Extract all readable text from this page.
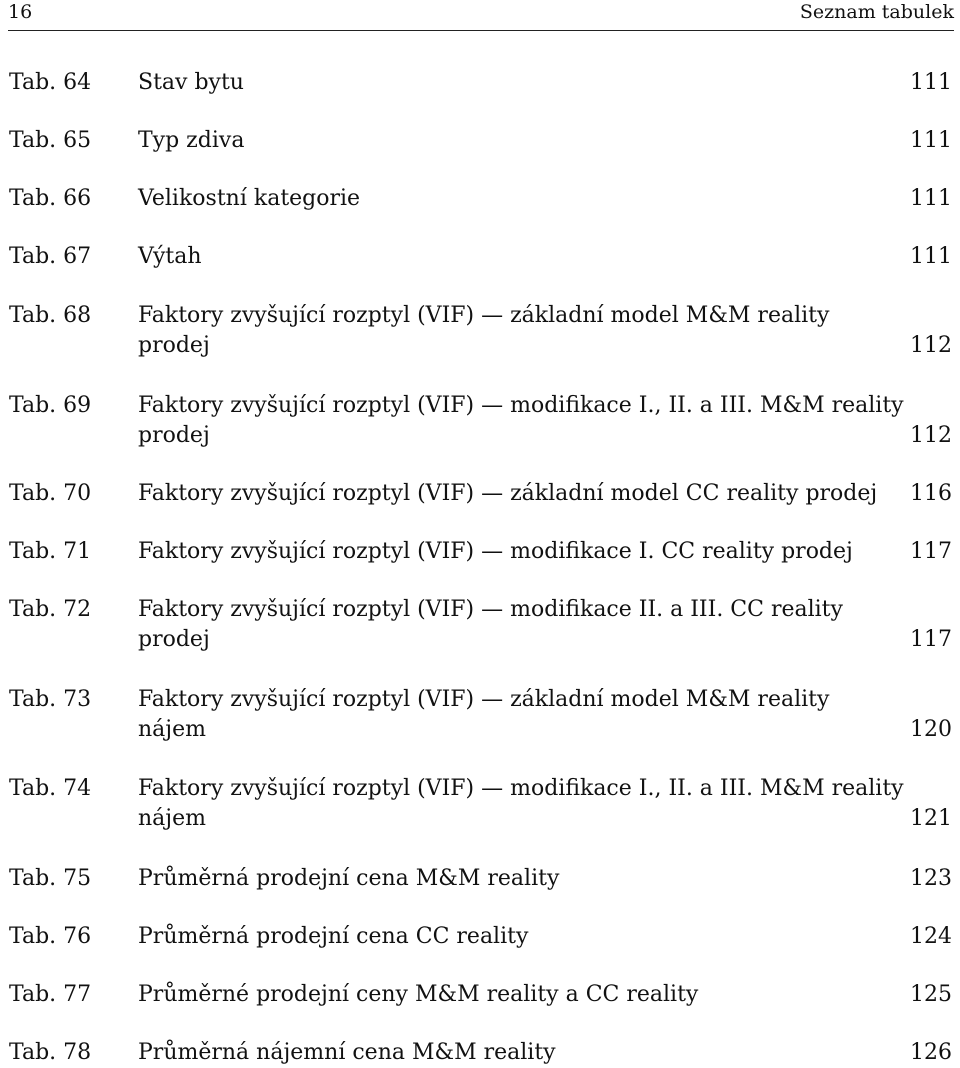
16	Seznam tabulek
Tab. 64 Stav bytu	111
Tab. 65 Typ zdiva	111
Tab. 66 Velikostní kategorie	111
Tab. 67 Výtah	111
Tab. 68 Faktory zvyšující rozptyl (VIF) — základní model M&M reality
prodej	112
Tab. 69 Faktory zvyšující rozptyl (VIF) — modifikace I., II. a III. M&M reality
prodej	112
Tab. 70 Faktory zvyšující rozptyl (VIF) — základní model CC reality prodej	116
Tab. 71 Faktory zvyšující rozptyl (VIF) — modifikace I. CC reality prodej	117
Tab. 72 Faktory zvyšující rozptyl (VIF) — modifikace II. a III. CC reality
prodej	117
Tab. 73 Faktory zvyšující rozptyl (VIF) — základní model M&M reality
nájem	120
Tab. 74 Faktory zvyšující rozptyl (VIF) — modifikace I., II. a III. M&M reality
nájem	121
Tab. 75 Průměrná prodejní cena M&M reality	123
Tab. 76 Průměrná prodejní cena CC reality	124
Tab. 77 Průměrné prodejní ceny M&M reality a CC reality	125
Tab. 78 Průměrná nájemní cena M&M reality	126
